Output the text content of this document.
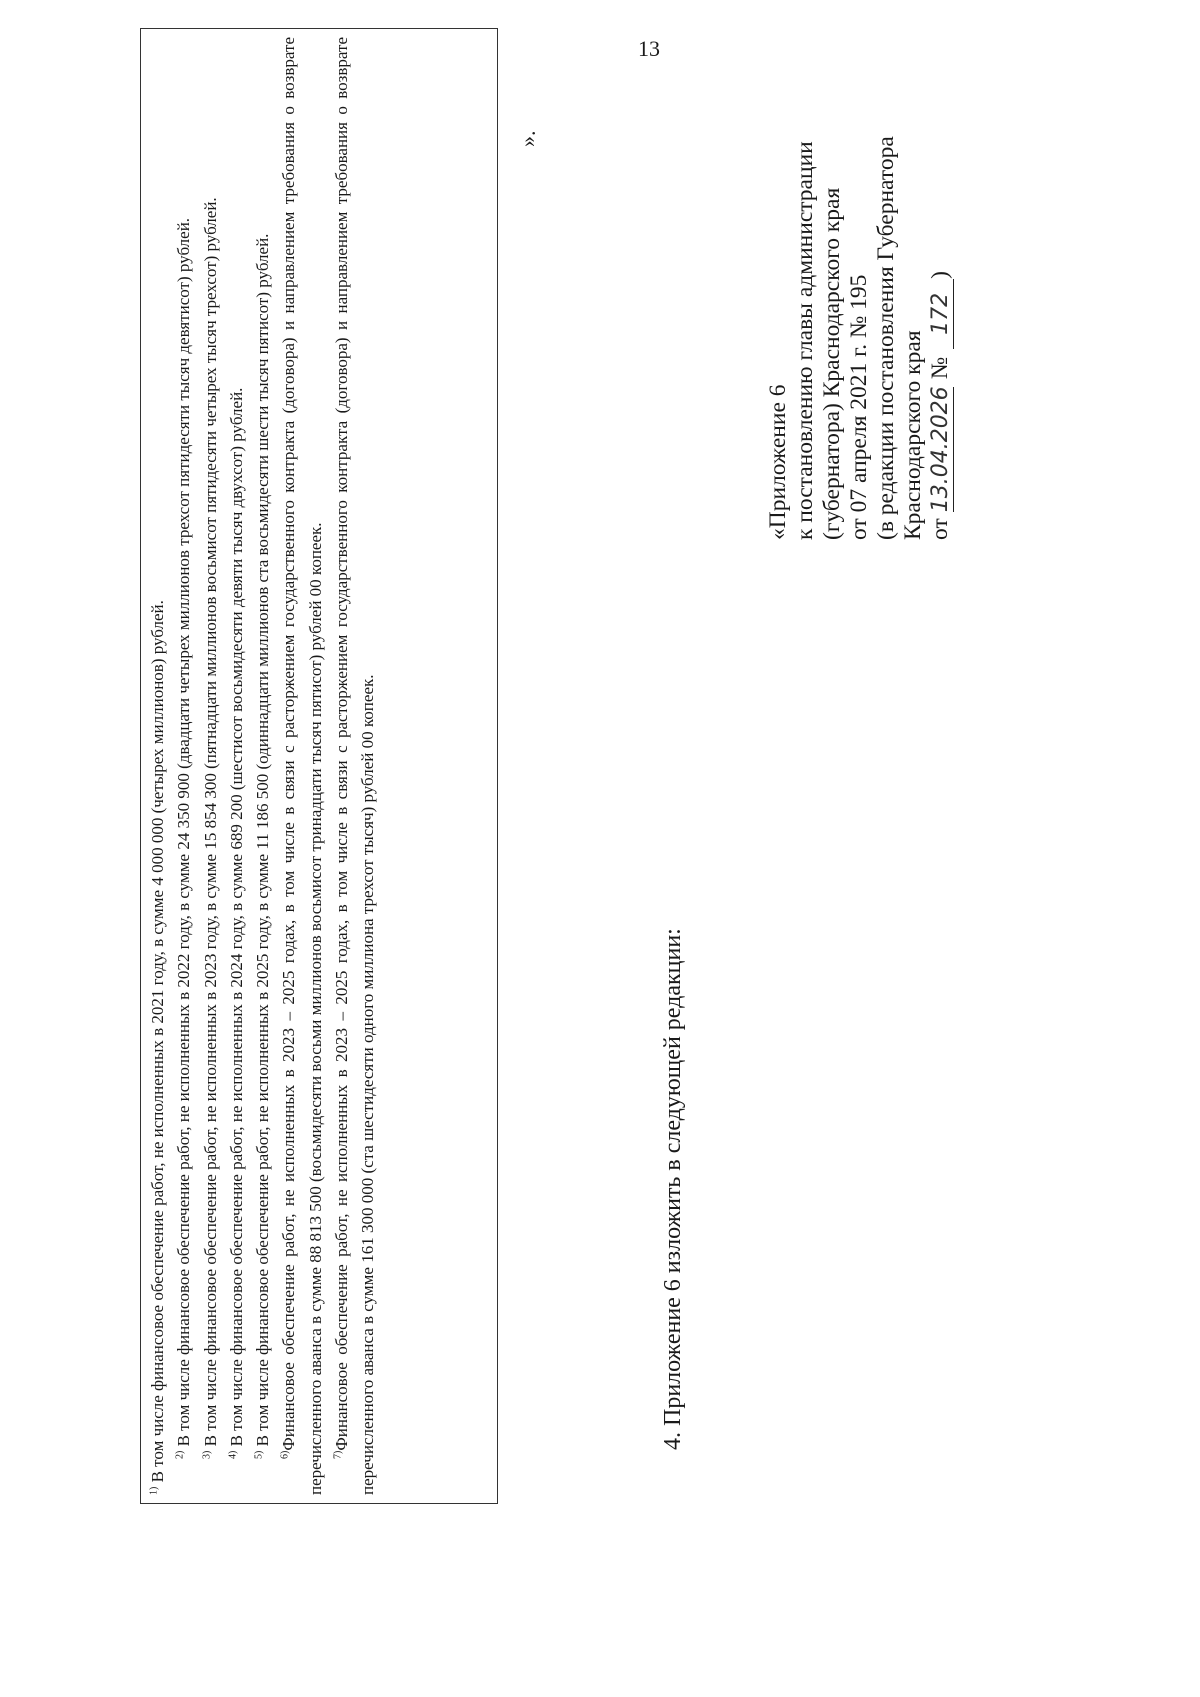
13

$^{1)}$ В том числе финансовое обеспечение работ, не исполненных в 2021 году, в сумме 4 000 000 (четырех миллионов) рублей. $^{2)}$ В том числе финансовое обеспечение работ, не исполненных в 2022 году, в сумме 24 350 900 (двадцати четырех миллионов трехсот пятидесяти тысяч девятисот) рублей.

$^{3)}$ В том числе финансовое обеспечение работ, не исполненных в 2023 году, в сумме 15 854 300 (пятнадцати миллионов восьмисот пятидесяти четырех тысяч трехсот) рублей.

$^{4)}$ В том числе финансовое обеспечение работ, не исполненных в 2024 году, в сумме 689 200 (шестисот восьмидесяти девяти тысяч двухсот) рублей.

$^{5)}$ В том числе финансовое обеспечение работ, не исполненных в 2025 году, в сумме 11 186 500 (одиннадцати миллионов ста восьмидесяти шести тысяч пятисот) рублей.

$^{6)}$Финансовое обеспечение работ, не исполненных в 2023 – 2025 годах, в том числе в связи с расторжением государственного контракта (договора) и направлением требования о возврате перечисленного аванса в сумме 88 813 500 (восьмидесяти восьми миллионов восьмисот тринадцати тысяч пятисот) рублей 00 копеек. $^{7)}$Финансовое обеспечение работ, не исполненных в 2023 – 2025 годах, в том числе в связи с расторжением государственного контракта (договора) и направлением требования о возврате перечисленного аванса в сумме 161 300 000 (ста шестидесяти одного миллиона трехсот тысяч) рублей 00 копеек.

».
4. Приложение 6 изложить в следующей редакции:
«Приложение 6 к постановлению главы администрации (губернатора) Краснодарского края от 07 апреля 2021 г. № 195 (в редакции постановления Губернатора Краснодарского края от13.04.2026№172)
